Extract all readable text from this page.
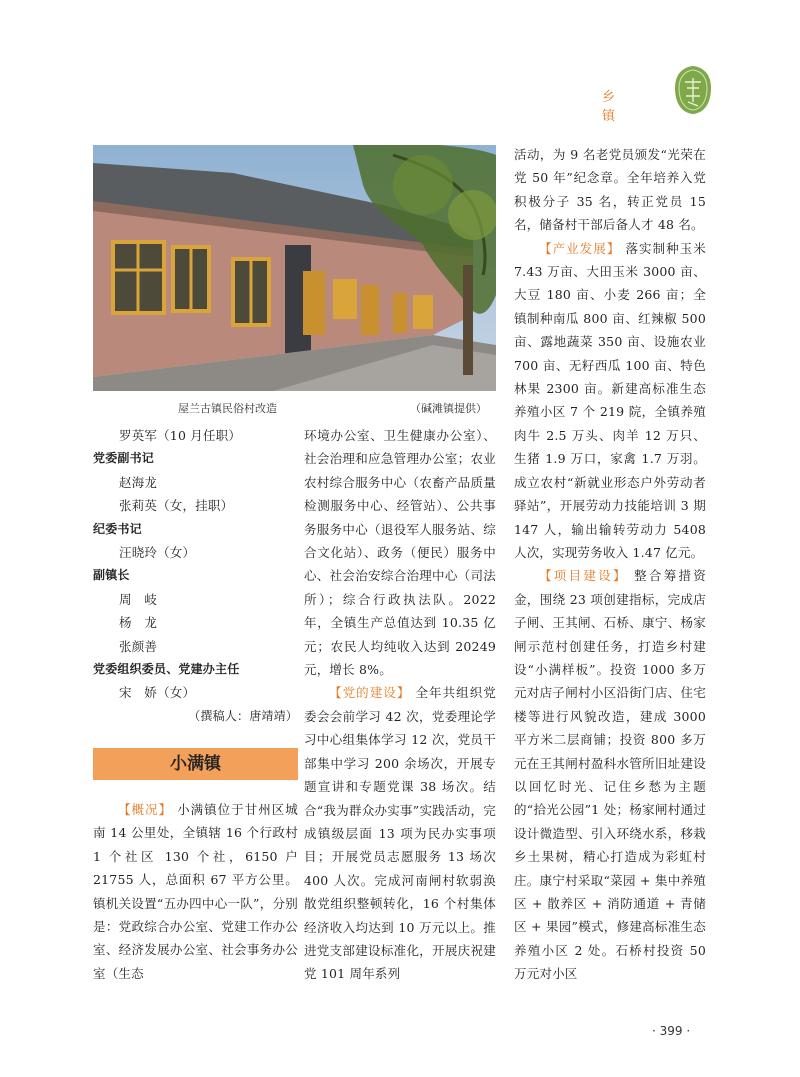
乡 镇
屋兰古镇民俗村改造	（碱滩镇提供）

罗英军（10 月任职）

党委副书记

赵海龙

张莉英（女，挂职）

纪委书记

汪晓玲（女）

副镇长

周　岐

杨　龙

张颜善

党委组织委员、党建办主任

宋　娇（女）

（撰稿人：唐靖靖）

小满镇

【概况】 小满镇位于甘州区城南 14 公里处，全镇辖 16 个行政村 1 个社区 130 个社，6150 户 21755 人，总面积 67 平方公里。镇机关设置“五办四中心一队”，分别是：党政综合办公室、党建工作办公室、经济发展办公室、社会事务办公室（生态

环境办公室、卫生健康办公室）、社会治理和应急管理办公室；农业农村综合服务中心（农畜产品质量检测服务中心、经管站）、公共事务服务中心（退役军人服务站、综合文化站）、政务（便民）服务中心、社会治安综合治理中心（司法所）；综合行政执法队。2022 年，全镇生产总值达到 10.35 亿元；农民人均纯收入达到 20249 元，增长 8%。

【党的建设】 全年共组织党委会会前学习 42 次，党委理论学习中心组集体学习 12 次，党员干部集中学习 200 余场次，开展专题宣讲和专题党课 38 场次。结合“我为群众办实事”实践活动，完成镇级层面 13 项为民办实事项目；开展党员志愿服务 13 场次 400 人次。完成河南闸村软弱涣散党组织整顿转化，16 个村集体经济收入均达到 10 万元以上。推进党支部建设标准化，开展庆祝建党 101 周年系列

活动，为 9 名老党员颁发“光荣在党 50 年”纪念章。全年培养入党积极分子 35 名，转正党员 15 名，储备村干部后备人才 48 名。

【产业发展】 落实制种玉米 7.43 万亩、大田玉米 3000 亩、大豆 180 亩、小麦 266 亩；全镇制种南瓜 800 亩、红辣椒 500 亩、露地蔬菜 350 亩、设施农业 700 亩、无籽西瓜 100 亩、特色林果 2300 亩。新建高标准生态养殖小区 7 个 219 院，全镇养殖肉牛 2.5 万头、肉羊 12 万只、生猪 1.9 万口，家禽 1.7 万羽。成立农村“新就业形态户外劳动者驿站”，开展劳动力技能培训 3 期 147 人，输出输转劳动力 5408 人次，实现劳务收入 1.47 亿元。

【项目建设】 整合筹措资金，围绕 23 项创建指标，完成店子闸、王其闸、石桥、康宁、杨家闸示范村创建任务，打造乡村建设“小满样板”。投资 1000 多万元对店子闸村小区沿街门店、住宅楼等进行风貌改造，建成 3000 平方米二层商铺；投资 800 多万元在王其闸村盈科水管所旧址建设以回忆时光、记住乡愁为主题的“拾光公园”1 处；杨家闸村通过设计微造型、引入环绕水系，移栽乡土果树，精心打造成为彩虹村庄。康宁村采取“菜园 + 集中养殖区 + 散养区 + 消防通道 + 青储区 + 果园”模式，修建高标准生态养殖小区 2 处。石桥村投资 50 万元对小区

· 399 ·
